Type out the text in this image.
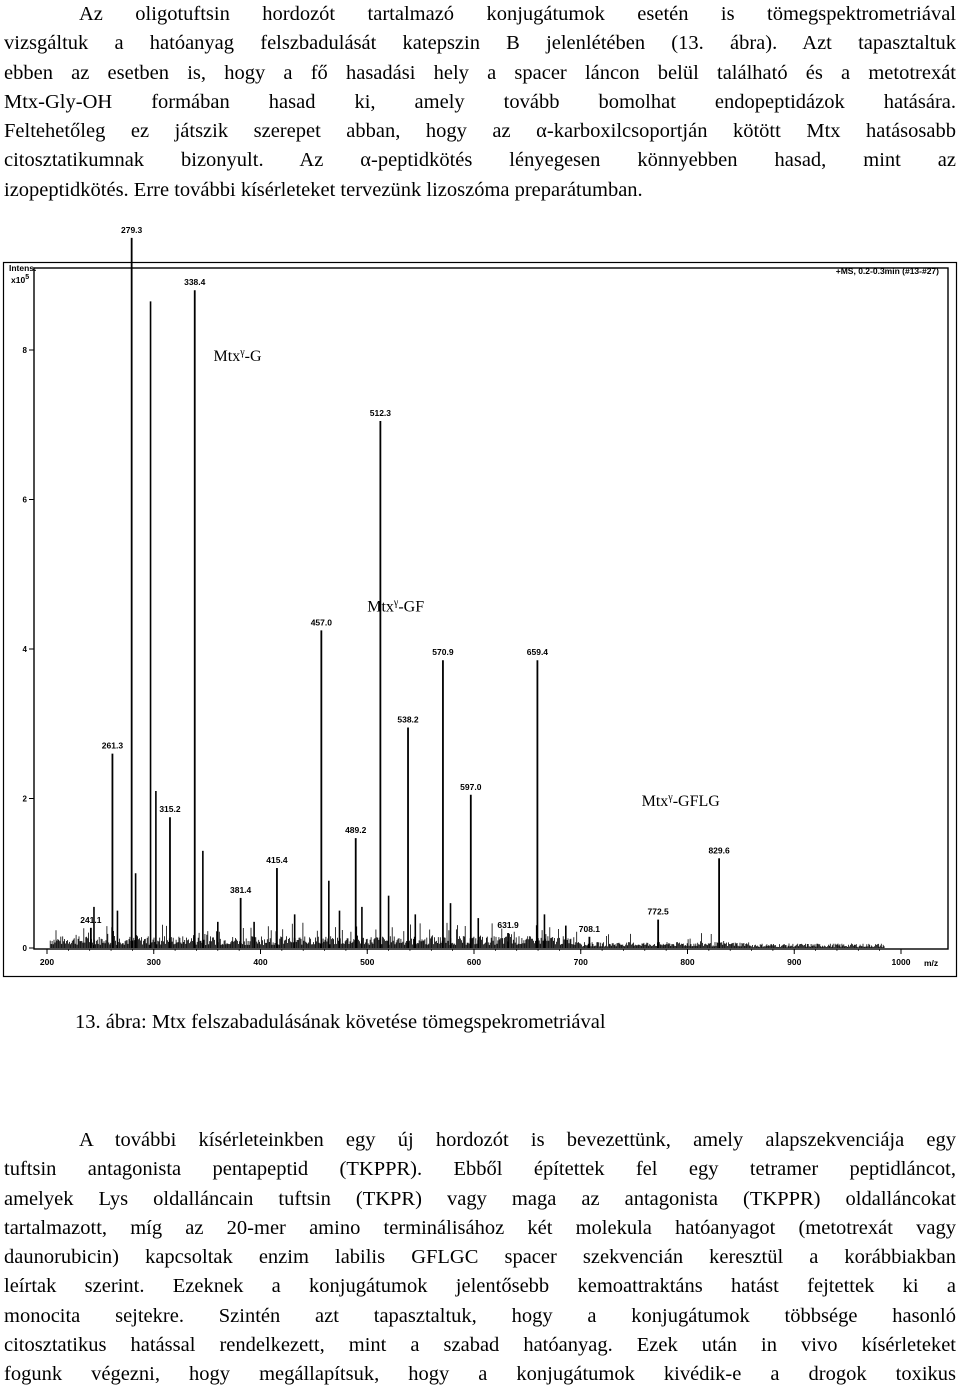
Az oligotuftsin hordozót tartalmazó konjugátumok esetén is tömegspektrometriával
vizsgáltuk a hatóanyag felszbadulását katepszin B jelenlétében (13. ábra). Azt tapasztaltuk
ebben az esetben is, hogy a fő hasadási hely a spacer láncon belül található és a metotrexát
Mtx-Gly-OH formában hasad ki, amely tovább bomolhat endopeptidázok hatására.
Feltehetőleg ez játszik szerepet abban, hogy az α-karboxilcsoportján kötött Mtx hatásosabb
citosztatikumnak bizonyult. Az α-peptidkötés lényegesen könnyebben hasad, mint az
izopeptidkötés. Erre további kísérleteket tervezünk lizoszóma preparátumban.
Intens.
$x10^5$
+MS, 0.2-0.3min (#13-#27)
m/z
200	300	400	500	600	700	800	900	1000
0
2
4
6
8
241.1
261.3
279.3
315.2
338.4
381.4
415.4
457.0
489.2
512.3
538.2
570.9
597.0
631.9
659.4
708.1
772.5
829.6
Mtx$^\gamma$-G
Mtx$^\gamma$-GF
Mtx$^\gamma$-GFLG
13. ábra: Mtx felszabadulásának követése tömegspekrometriával
A további kísérleteinkben egy új hordozót is bevezettünk, amely alapszekvenciája egy
tuftsin antagonista pentapeptid (TKPPR). Ebből építettek fel egy tetramer peptidláncot,
amelyek Lys oldalláncain tuftsin (TKPR) vagy maga az antagonista (TKPPR) oldalláncokat
tartalmazott, míg az 20-mer amino terminálisához két molekula hatóanyagot (metotrexát vagy
daunorubicin) kapcsoltak enzim labilis GFLGC spacer szekvencián keresztül a korábbiakban
leírtak szerint. Ezeknek a konjugátumok jelentősebb kemoattraktáns hatást fejtettek ki a
monocita sejtekre. Szintén azt tapasztaltuk, hogy a konjugátumok többsége hasonló
citosztatikus hatással rendelkezett, mint a szabad hatóanyag. Ezek után in vivo kísérleteket
fogunk végezni, hogy megállapítsuk, hogy a konjugátumok kivédik-e a drogok toxikus
